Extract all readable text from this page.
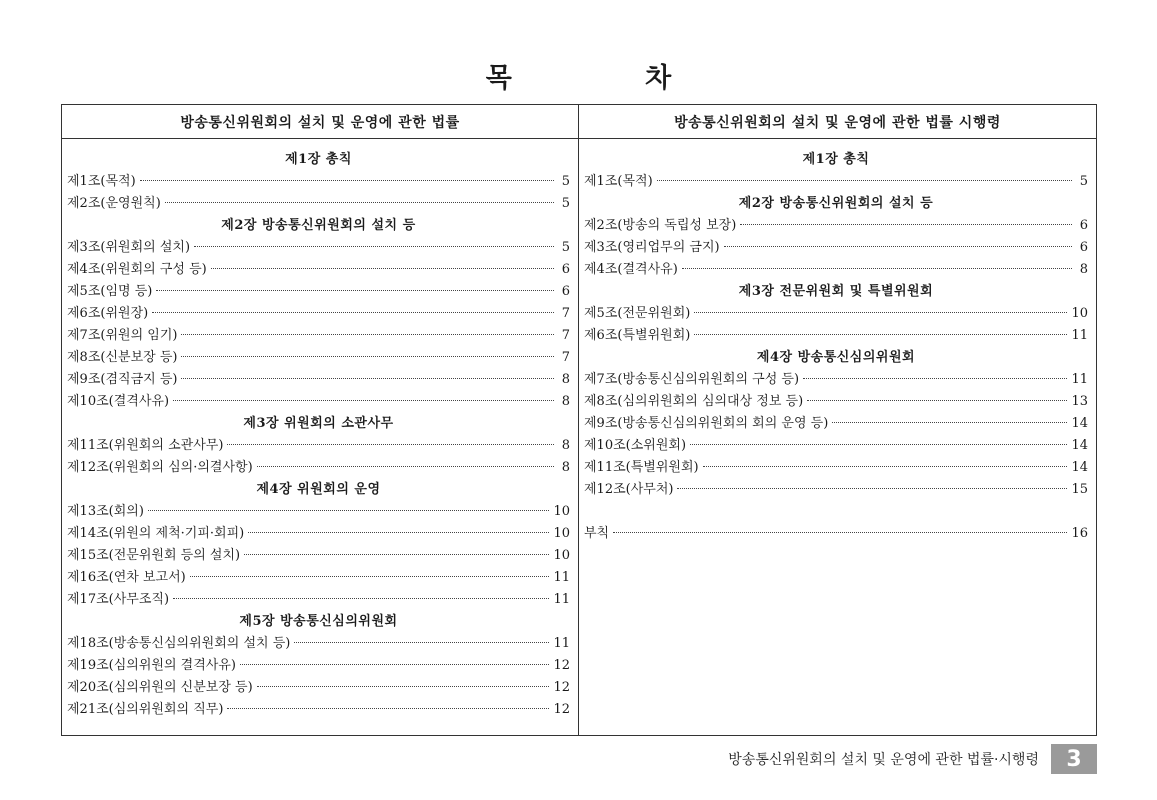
목 차
방송통신위원회의 설치 및 운영에 관한 법률
제1장 총칙
제1조(목적)	5
제2조(운영원칙)	5
제2장 방송통신위원회의 설치 등
제3조(위원회의 설치)	5
제4조(위원회의 구성 등)	6
제5조(임명 등)	6
제6조(위원장)	7
제7조(위원의 임기)	7
제8조(신분보장 등)	7
제9조(겸직금지 등)	8
제10조(결격사유)	8
제3장 위원회의 소관사무
제11조(위원회의 소관사무)	8
제12조(위원회의 심의·의결사항)	8
제4장 위원회의 운영
제13조(회의)	10
제14조(위원의 제척·기피·회피)	10
제15조(전문위원회 등의 설치)	10
제16조(연차 보고서)	11
제17조(사무조직)	11
제5장 방송통신심의위원회
제18조(방송통신심의위원회의 설치 등)	11
제19조(심의위원의 결격사유)	12
제20조(심의위원의 신분보장 등)	12
제21조(심의위원회의 직무)	12
방송통신위원회의 설치 및 운영에 관한 법률 시행령
제1장 총칙
제1조(목적)	5
제2장 방송통신위원회의 설치 등
제2조(방송의 독립성 보장)	6
제3조(영리업무의 금지)	6
제4조(결격사유)	8
제3장 전문위원회 및 특별위원회
제5조(전문위원회)	10
제6조(특별위원회)	11
제4장 방송통신심의위원회
제7조(방송통신심의위원회의 구성 등)	11
제8조(심의위원회의 심의대상 정보 등)	13
제9조(방송통신심의위원회의 회의 운영 등)	14
제10조(소위원회)	14
제11조(특별위원회)	14
제12조(사무처)	15
부칙	16
방송통신위원회의 설치 및 운영에 관한 법률·시행령	3
